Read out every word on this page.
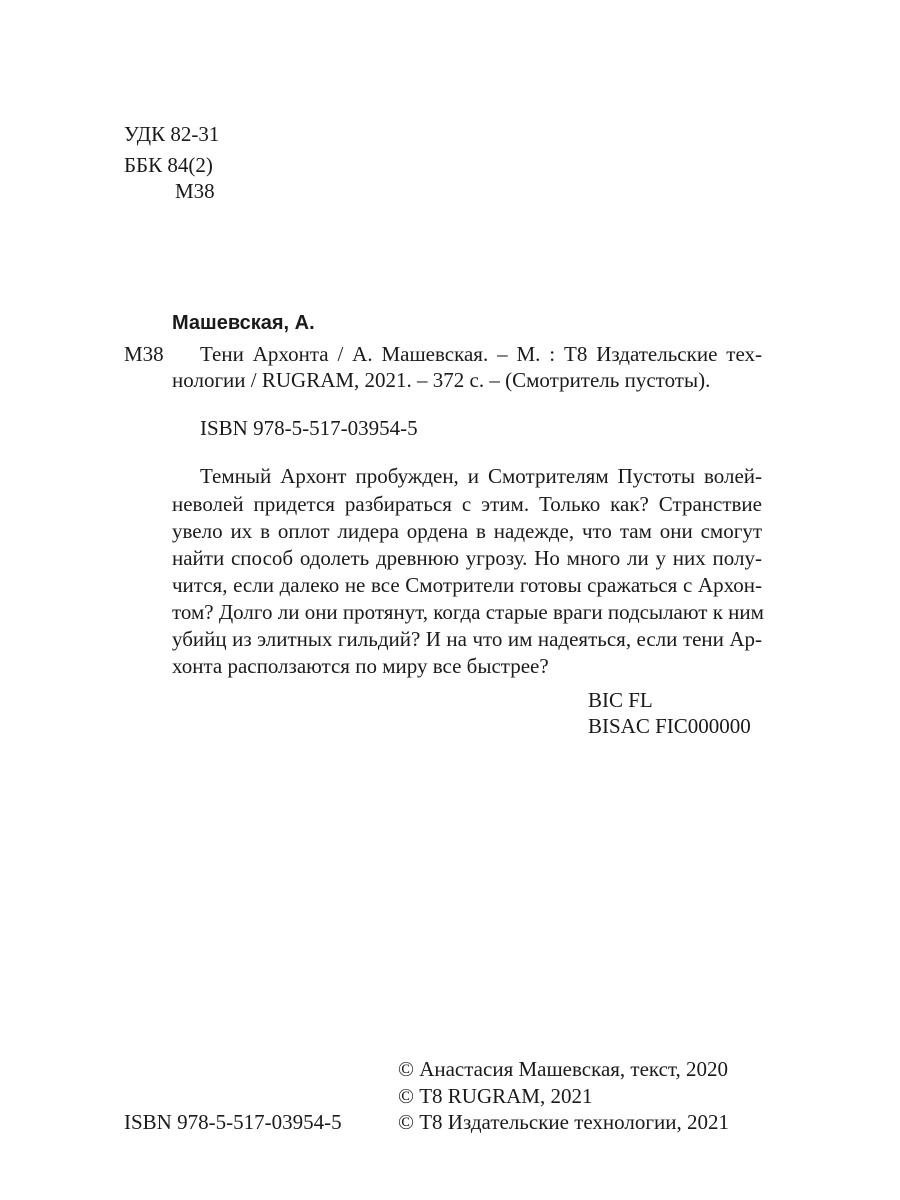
УДК 82-31
ББК 84(2)
М38
Машевская, А.
М38 Тени Архонта / А. Машевская. – М. : Т8 Издательские тех-
нологии / RUGRAM, 2021. – 372 с. – (Смотритель пустоты).
ISBN 978-5-517-03954-5
Темный Архонт пробужден, и Смотрителям Пустоты волей-
неволей придется разбираться с этим. Только как? Странствие
увело их в оплот лидера ордена в надежде, что там они смогут
найти способ одолеть древнюю угрозу. Но много ли у них полу-
чится, если далеко не все Смотрители готовы сражаться с Архон-
том? Долго ли они протянут, когда старые враги подсылают к ним
убийц из элитных гильдий? И на что им надеяться, если тени Ар-
хонта расползаются по миру все быстрее?
BIC FL
BISAC FIC000000
© Анастасия Машевская, текст, 2020
© Т8 RUGRAM, 2021
ISBN 978-5-517-03954-5	© Т8 Издательские технологии, 2021
